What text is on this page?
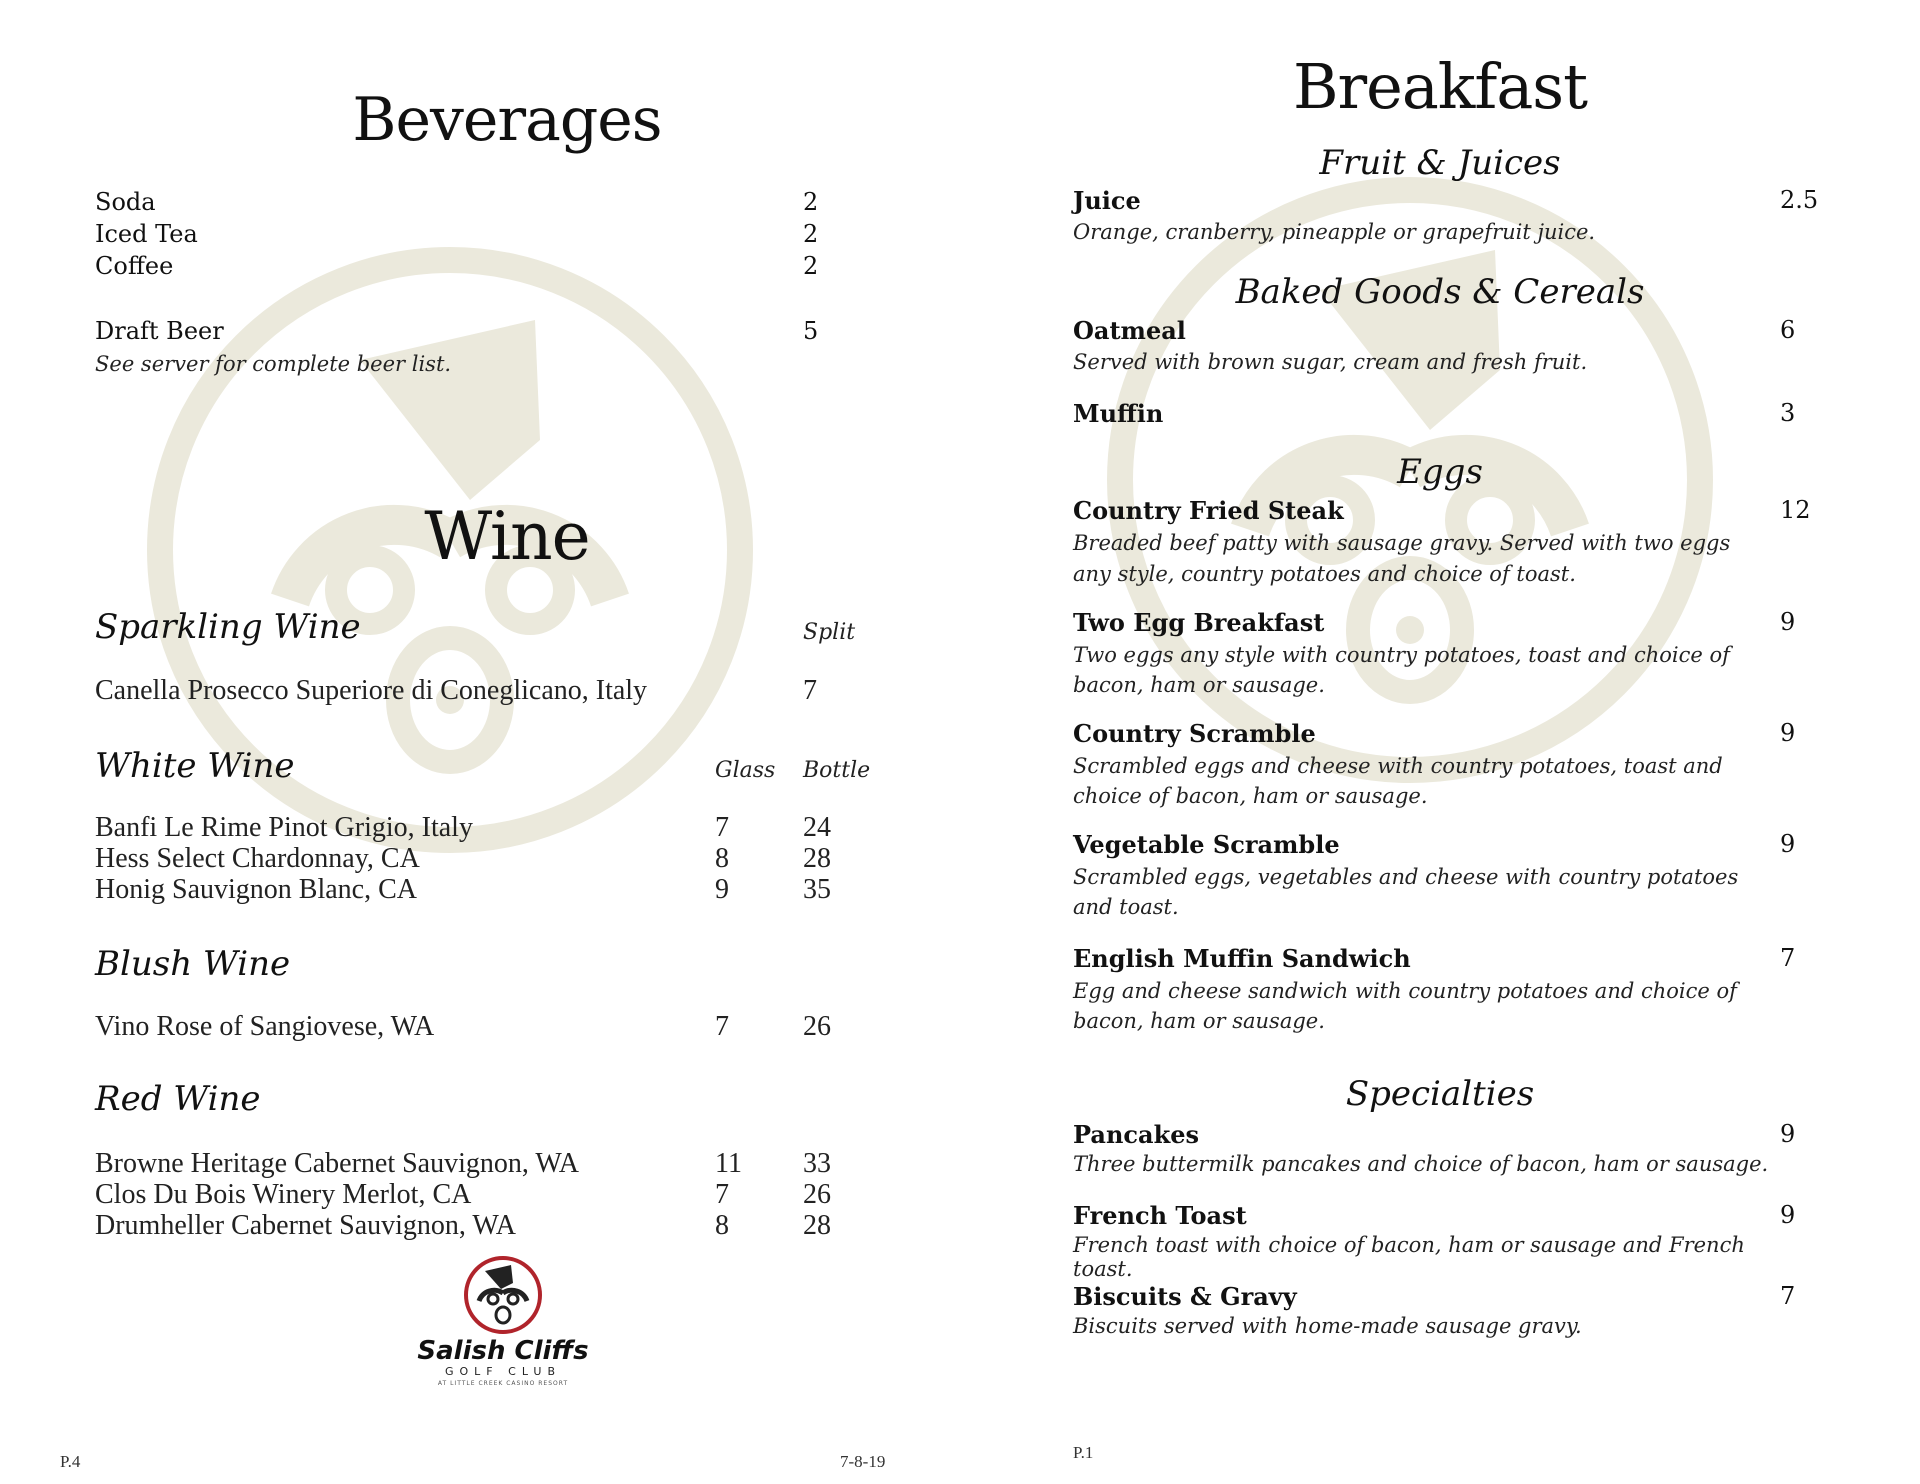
Beverages
Soda	2
Iced Tea	2
Coffee	2
Draft Beer	5
See server for complete beer list.
Wine
Sparkling Wine	Split
Canella Prosecco Superiore di Coneglicano, Italy	7
White Wine	Glass Bottle
Banfi Le Rime Pinot Grigio, Italy	7	24
Hess Select Chardonnay, CA	8	28
Honig Sauvignon Blanc, CA	9	35
Blush Wine
Vino Rose of Sangiovese, WA	7	26
Red Wine
Browne Heritage Cabernet Sauvignon, WA	11 33
Clos Du Bois Winery Merlot, CA	7	26
Drumheller Cabernet Sauvignon, WA	8	28
Salish Cliffs
GOLF CLUB
AT LITTLE CREEK CASINO RESORT
P.4	7-8-19
Breakfast
Fruit & Juices
Juice	2.5
Orange, cranberry, pineapple or grapefruit juice.
Baked Goods & Cereals
Oatmeal	6
Served with brown sugar, cream and fresh fruit.
Muffin	3
Eggs
Country Fried Steak	12
Breaded beef patty with sausage gravy. Served with two eggs any style, country potatoes and choice of toast.
Two Egg Breakfast	9
Two eggs any style with country potatoes, toast and choice of bacon, ham or sausage.
Country Scramble	9
Scrambled eggs and cheese with country potatoes, toast and choice of bacon, ham or sausage.
Vegetable Scramble	9
Scrambled eggs, vegetables and cheese with country potatoes and toast.
English Muffin Sandwich	7
Egg and cheese sandwich with country potatoes and choice of bacon, ham or sausage.
Specialties
Pancakes	9
Three buttermilk pancakes and choice of bacon, ham or sausage.
French Toast	9
French toast with choice of bacon, ham or sausage and French toast.
Biscuits & Gravy	7
Biscuits served with home-made sausage gravy.
P.1
